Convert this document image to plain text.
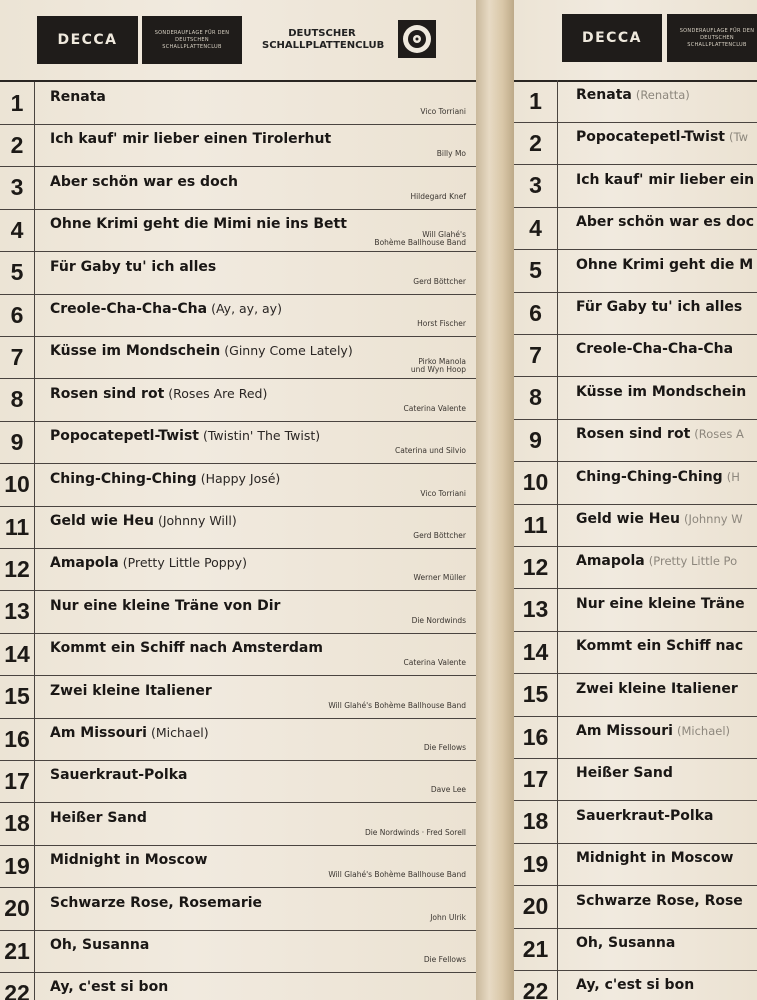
DECCA	SONDERAUFLAGE FÜR DEN
DEUTSCHEN
SCHALLPLATTENCLUB
DEUTSCHER
SCHALLPLATTENCLUB
1	Renata
Vico Torriani
2	Ich kauf' mir lieber einen Tirolerhut
Billy Mo
3	Aber schön war es doch
Hildegard Knef
4	Ohne Krimi geht die Mimi nie ins Bett
Will Glahé's
Bohème Ballhouse Band
5	Für Gaby tu' ich alles
Gerd Böttcher
6	Creole-Cha-Cha-Cha (Ay, ay, ay)
Horst Fischer
7	Küsse im Mondschein (Ginny Come Lately)
Pirko Manola
und Wyn Hoop
8	Rosen sind rot (Roses Are Red)
Caterina Valente
9	Popocatepetl-Twist (Twistin' The Twist)
Caterina und Silvio
10	Ching-Ching-Ching (Happy José)
Vico Torriani
11	Geld wie Heu (Johnny Will)
Gerd Böttcher
12	Amapola (Pretty Little Poppy)
Werner Müller
13	Nur eine kleine Träne von Dir
Die Nordwinds
14	Kommt ein Schiff nach Amsterdam
Caterina Valente
15	Zwei kleine Italiener
Will Glahé's Bohème Ballhouse Band
16	Am Missouri (Michael)
Die Fellows
17	Sauerkraut-Polka
Dave Lee
18	Heißer Sand
Die Nordwinds · Fred Sorell
19	Midnight in Moscow
Will Glahé's Bohème Ballhouse Band
20	Schwarze Rose, Rosemarie
John Ulrik
21	Oh, Susanna
Die Fellows
22	Ay, c'est si bon
DECCA	SONDERAUFLAGE FÜR DEN
DEUTSCHEN
SCHALLPLATTENCLUB
1	Renata (Renatta)
2	Popocatepetl-Twist (Tw
3	Ich kauf' mir lieber ein
4	Aber schön war es doc
5	Ohne Krimi geht die M
6	Für Gaby tu' ich alles
7	Creole-Cha-Cha-Cha
8	Küsse im Mondschein
9	Rosen sind rot (Roses A
10	Ching-Ching-Ching (H
11	Geld wie Heu (Johnny W
12	Amapola (Pretty Little Po
13	Nur eine kleine Träne
14	Kommt ein Schiff nac
15	Zwei kleine Italiener
16	Am Missouri (Michael)
17	Heißer Sand
18	Sauerkraut-Polka
19	Midnight in Moscow
20	Schwarze Rose, Rose
21	Oh, Susanna
22	Ay, c'est si bon
